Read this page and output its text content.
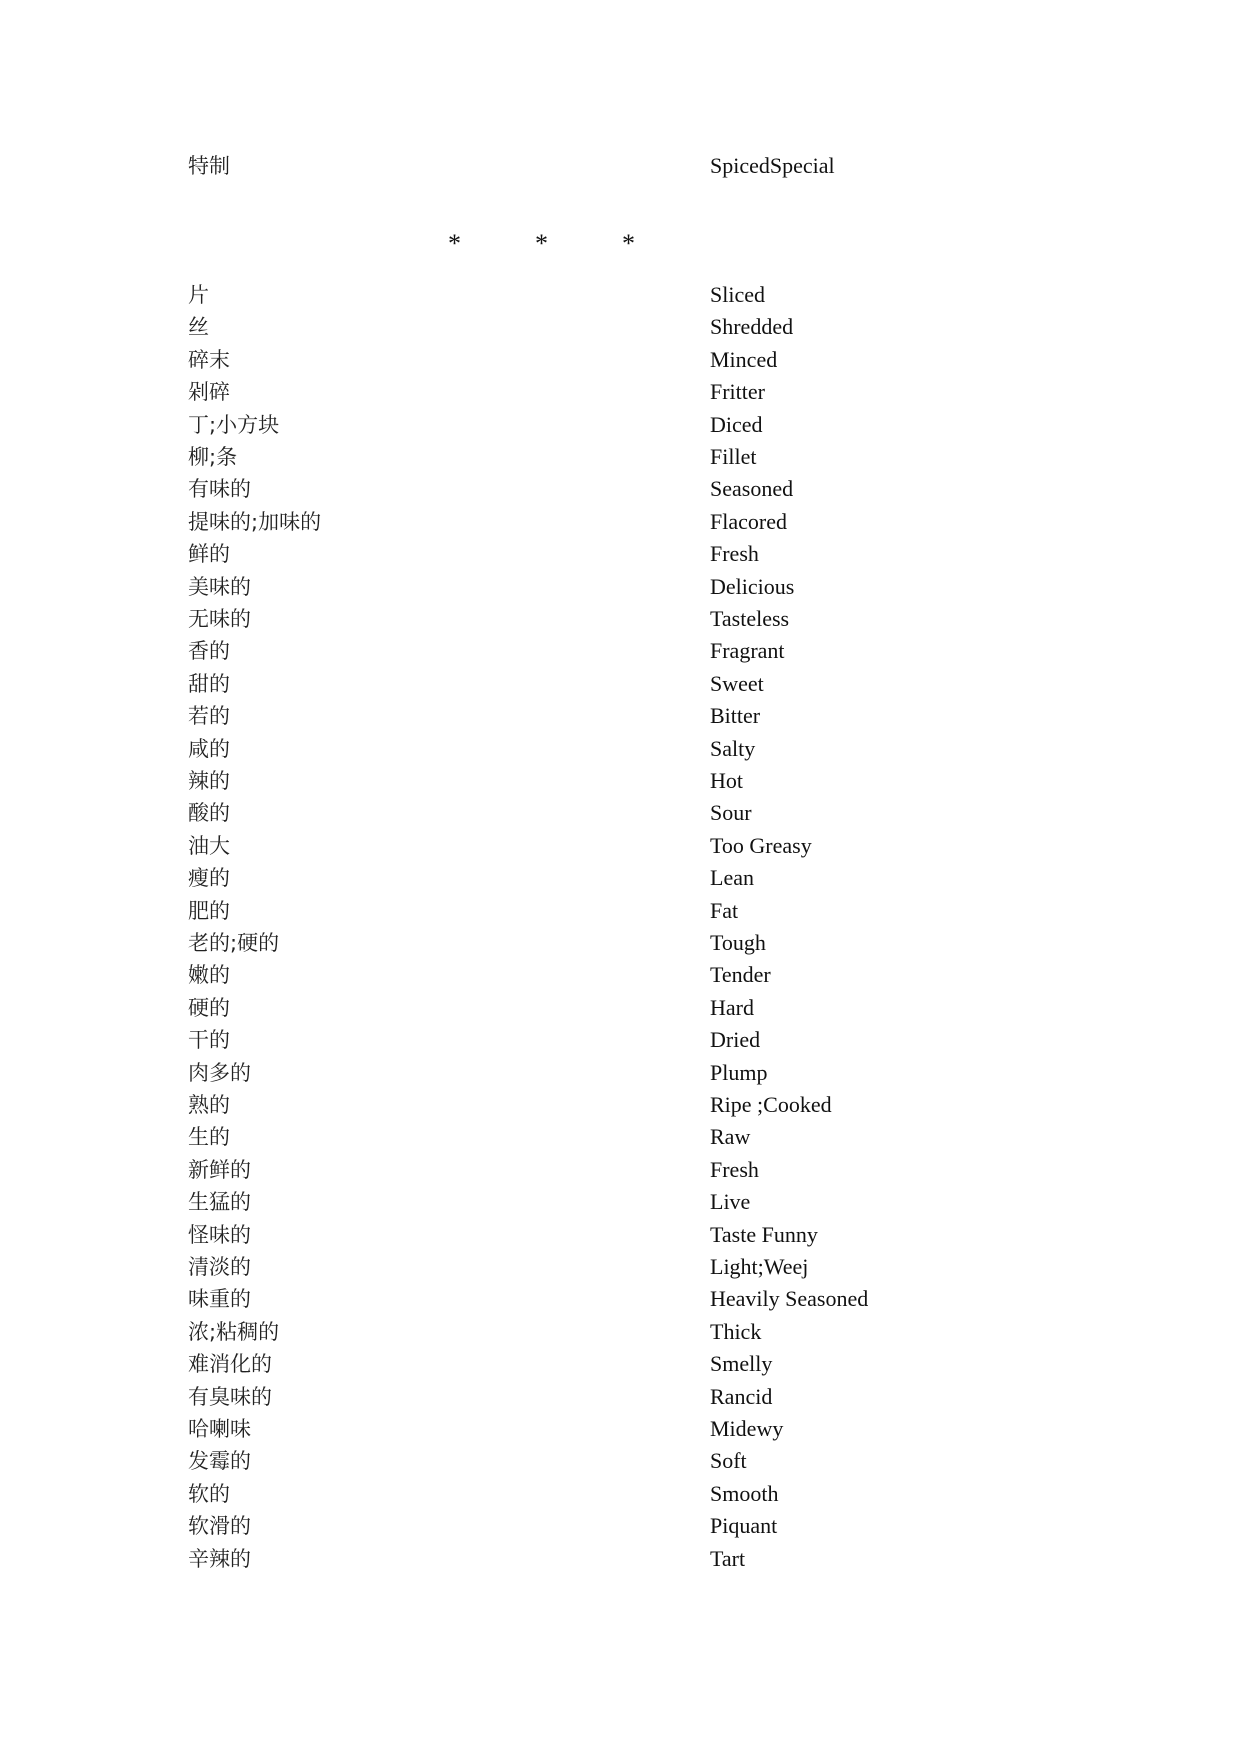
特制	SpicedSpecial
*	*	*
片	Sliced
丝	Shredded
碎末	Minced
剁碎	Fritter
丁;小方块	Diced
柳;条	Fillet
有味的	Seasoned
提味的;加味的	Flacored
鲜的	Fresh
美味的	Delicious
无味的	Tasteless
香的	Fragrant
甜的	Sweet
若的	Bitter
咸的	Salty
辣的	Hot
酸的	Sour
油大	Too Greasy
瘦的	Lean
肥的	Fat
老的;硬的	Tough
嫩的	Tender
硬的	Hard
干的	Dried
肉多的	Plump
熟的	Ripe ;Cooked
生的	Raw
新鲜的	Fresh
生猛的	Live
怪味的	Taste Funny
清淡的	Light;Weej
味重的	Heavily Seasoned
浓;粘稠的	Thick
难消化的	Smelly
有臭味的	Rancid
哈喇味	Midewy
发霉的	Soft
软的	Smooth
软滑的	Piquant
辛辣的	Tart
